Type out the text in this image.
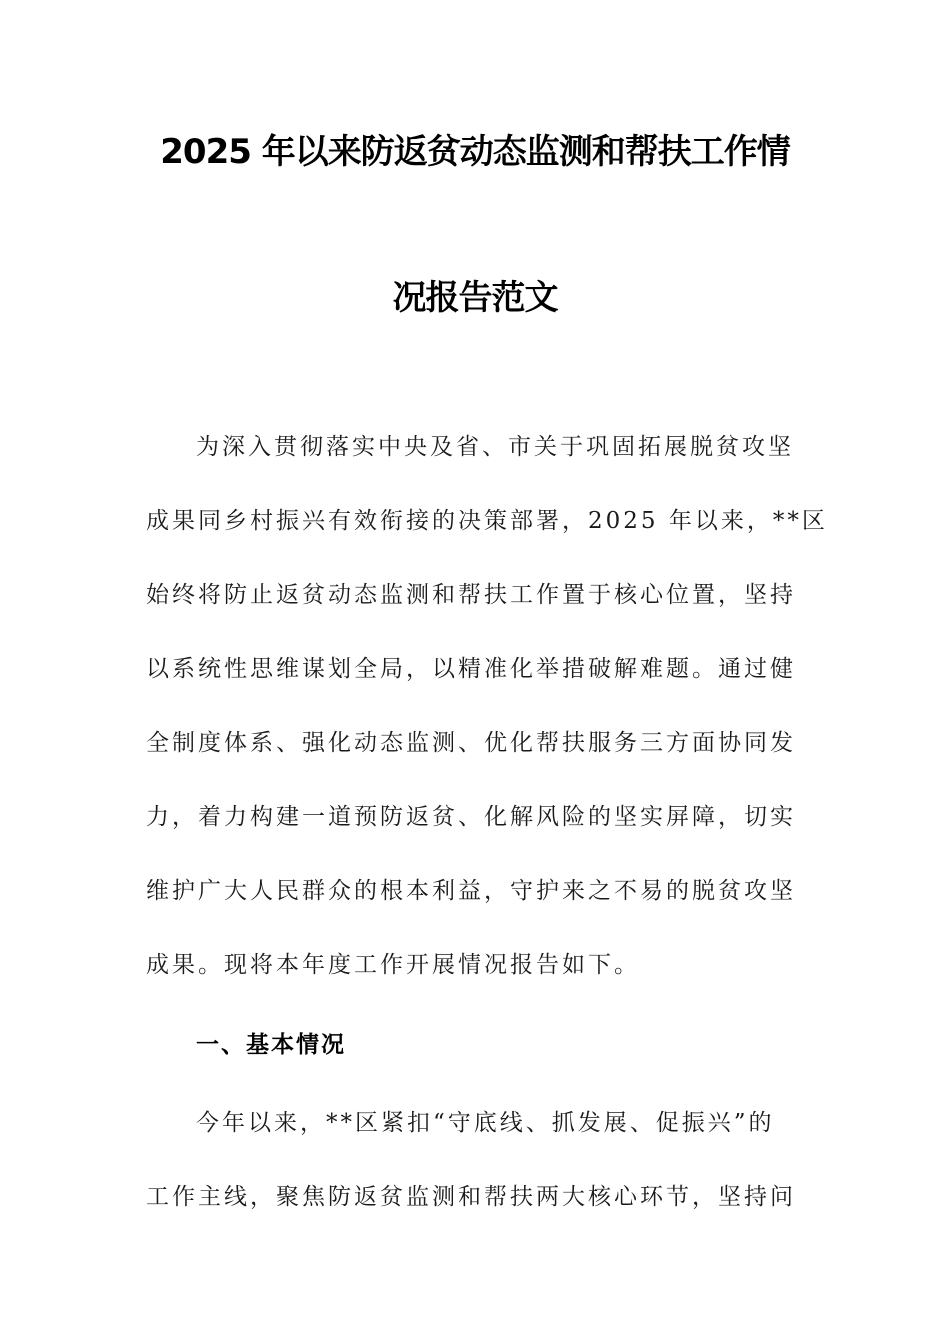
2025 年以来防返贫动态监测和帮扶工作情
况报告范文
为深入贯彻落实中央及省、市关于巩固拓展脱贫攻坚
成果同乡村振兴有效衔接的决策部署，2025 年以来，**区
始终将防止返贫动态监测和帮扶工作置于核心位置，坚持
以系统性思维谋划全局，以精准化举措破解难题。通过健
全制度体系、强化动态监测、优化帮扶服务三方面协同发
力，着力构建一道预防返贫、化解风险的坚实屏障，切实
维护广大人民群众的根本利益，守护来之不易的脱贫攻坚
成果。现将本年度工作开展情况报告如下。
一、基本情况
今年以来，**区紧扣“守底线、抓发展、促振兴”的
工作主线，聚焦防返贫监测和帮扶两大核心环节，坚持问
